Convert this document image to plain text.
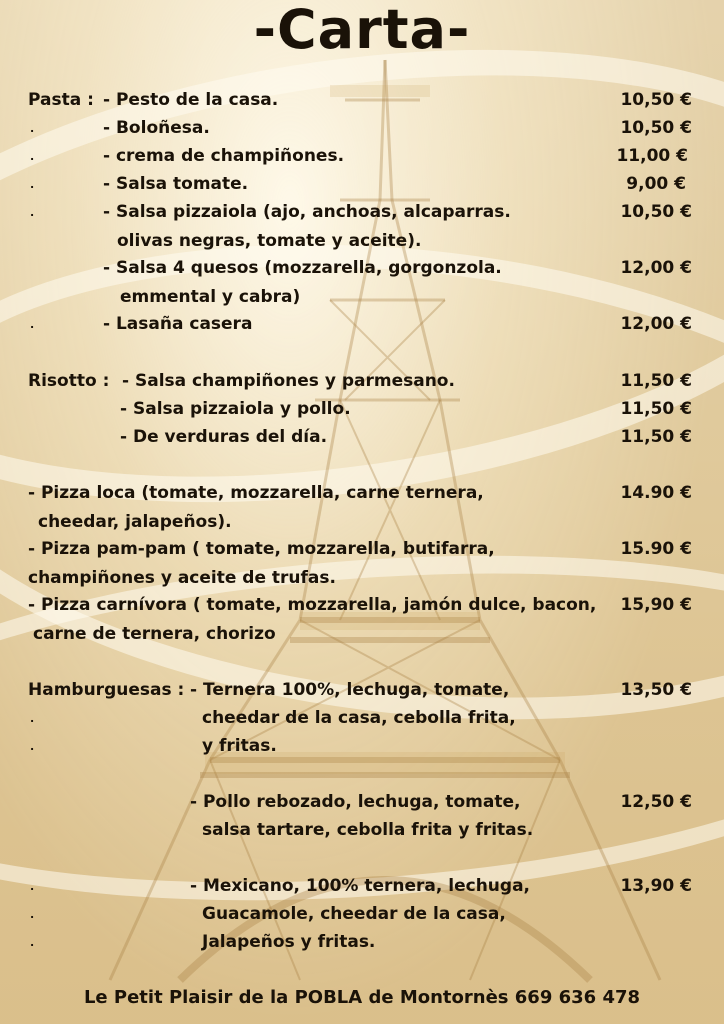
-Carta-
Pasta : - Pesto de la casa.	10,50 €
.	- Boloñesa.	10,50 €
.	- crema de champiñones.	11,00 €
.	- Salsa tomate.	9,00 €
.	- Salsa pizzaiola (ajo, anchoas, alcaparras.	10,50 €
olivas negras, tomate y aceite).
- Salsa 4 quesos (mozzarella, gorgonzola.	12,00 €
emmental y cabra)
.	- Lasaña casera	12,00 €
Risotto : - Salsa champiñones y parmesano.	11,50 €
- Salsa pizzaiola y pollo.	11,50 €
- De verduras del día.	11,50 €
- Pizza loca (tomate, mozzarella, carne ternera,	14.90 €
cheedar, jalapeños).
- Pizza pam-pam ( tomate, mozzarella, butifarra,	15.90 €
champiñones y aceite de trufas.
- Pizza carnívora ( tomate, mozzarella, jamón dulce, bacon, 15,90 €
carne de ternera, chorizo
Hamburguesas : - Ternera 100%, lechuga, tomate,	13,50 €
.	cheedar de la casa, cebolla frita,
.	y fritas.
- Pollo rebozado, lechuga, tomate,	12,50 €
salsa tartare, cebolla frita y fritas.
.	- Mexicano, 100% ternera, lechuga,	13,90 €
.	Guacamole, cheedar de la casa,
.	Jalapeños y fritas.
Le Petit Plaisir de la POBLA de Montornès 669 636 478
